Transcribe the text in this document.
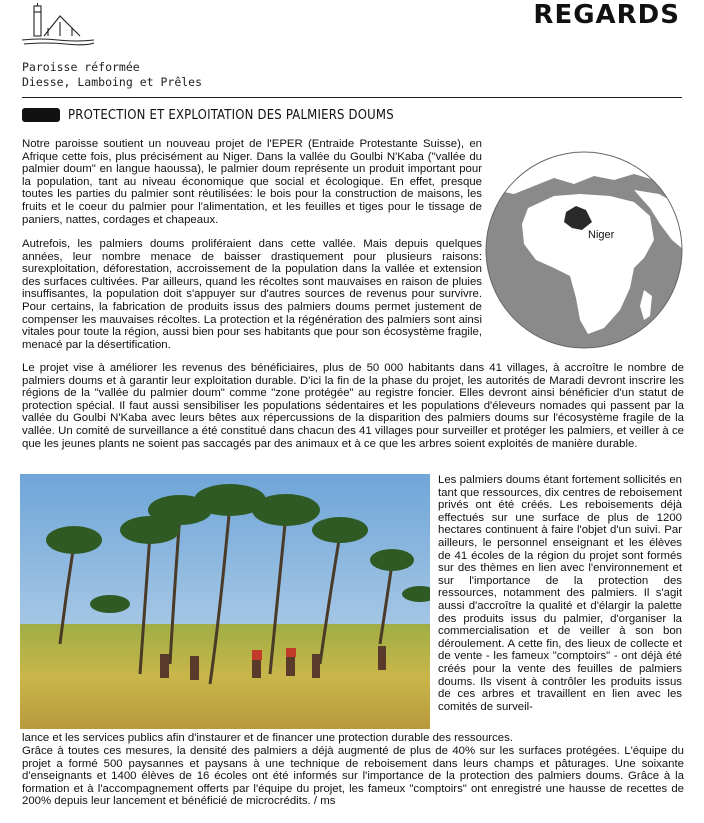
REGARDS
Paroisse réformée
Diesse, Lamboing et Prêles
PROTECTION ET EXPLOITATION DES PALMIERS DOUMS

Notre paroisse soutient un nouveau projet de l'EPER (Entraide Protestante Suisse), en Afrique cette fois, plus précisément au Niger. Dans la vallée du Goulbi N'Kaba ("vallée du palmier doum" en langue haoussa), le palmier doum représente un produit important pour la population, tant au niveau économique que social et écologique. En effet, presque toutes les parties du palmier sont réutilisées: le bois pour la construction de maisons, les fruits et le coeur du palmier pour l'alimentation, et les feuilles et tiges pour le tissage de paniers, nattes, cordages et chapeaux.

Autrefois, les palmiers doums proliféraient dans cette vallée. Mais depuis quelques années, leur nombre menace de baisser drastiquement pour plusieurs raisons: surexploitation, déforestation, accroissement de la population dans la vallée et extension des surfaces cultivées. Par ailleurs, quand les récoltes sont mauvaises en raison de pluies insuffisantes, la population doit s'appuyer sur d'autres sources de revenus pour survivre. Pour certains, la fabrication de produits issus des palmiers doums permet justement de compenser les mauvaises récoltes. La protection et la régénération des palmiers sont ainsi vitales pour toute la région, aussi bien pour ses habitants que pour son écosystème fragile, menacé par la désertification.

Niger

Le projet vise à améliorer les revenus des bénéficiaires, plus de 50 000 habitants dans 41 villages, à accroître le nombre de palmiers doums et à garantir leur exploitation durable. D'ici la fin de la phase du projet, les autorités de Maradi devront inscrire les régions de la "vallée du palmier doum" comme "zone protégée" au registre foncier. Elles devront ainsi bénéficier d'un statut de protection spécial. Il faut aussi sensibiliser les populations sédentaires et les populations d'éleveurs nomades qui passent par la vallée du Goulbi N'Kaba avec leurs bêtes aux répercussions de la disparition des palmiers doums sur l'écosystème fragile de la vallée. Un comité de surveillance a été constitué dans chacun des 41 villages pour surveiller et protéger les palmiers, et veiller à ce que les jeunes plants ne soient pas saccagés par des animaux et à ce que les arbres soient exploités de manière durable.

Les palmiers doums étant fortement sollicités en tant que ressources, dix centres de reboisement privés ont été créés. Les reboisements déjà effectués sur une surface de plus de 1200 hectares continuent à faire l'objet d'un suivi. Par ailleurs, le personnel enseignant et les élèves de 41 écoles de la région du projet sont formés sur des thèmes en lien avec l'environnement et sur l'importance de la protection des ressources, notamment des palmiers. Il s'agit aussi d'accroître la qualité et d'élargir la palette des produits issus du palmier, d'organiser la commercialisation et de veiller à son bon déroulement. A cette fin, des lieux de collecte et de vente - les fameux "comptoirs" - ont déjà été créés pour la vente des feuilles de palmiers doums. Ils visent à contrôler les produits issus de ces arbres et travaillent en lien avec les comités de surveil-

lance et les services publics afin d'instaurer et de financer une protection durable des ressources.

Grâce à toutes ces mesures, la densité des palmiers a déjà augmenté de plus de 40% sur les surfaces protégées. L'équipe du projet a formé 500 paysannes et paysans à une technique de reboisement dans leurs champs et pâturages. Une soixante d'enseignants et 1400 élèves de 16 écoles ont été informés sur l'importance de la protection des palmiers doums. Grâce à la formation et à l'accompagnement offerts par l'équipe du projet, les fameux "comptoirs" ont enregistré une hausse de recettes de 200% depuis leur lancement et bénéficié de microcrédits. / ms
